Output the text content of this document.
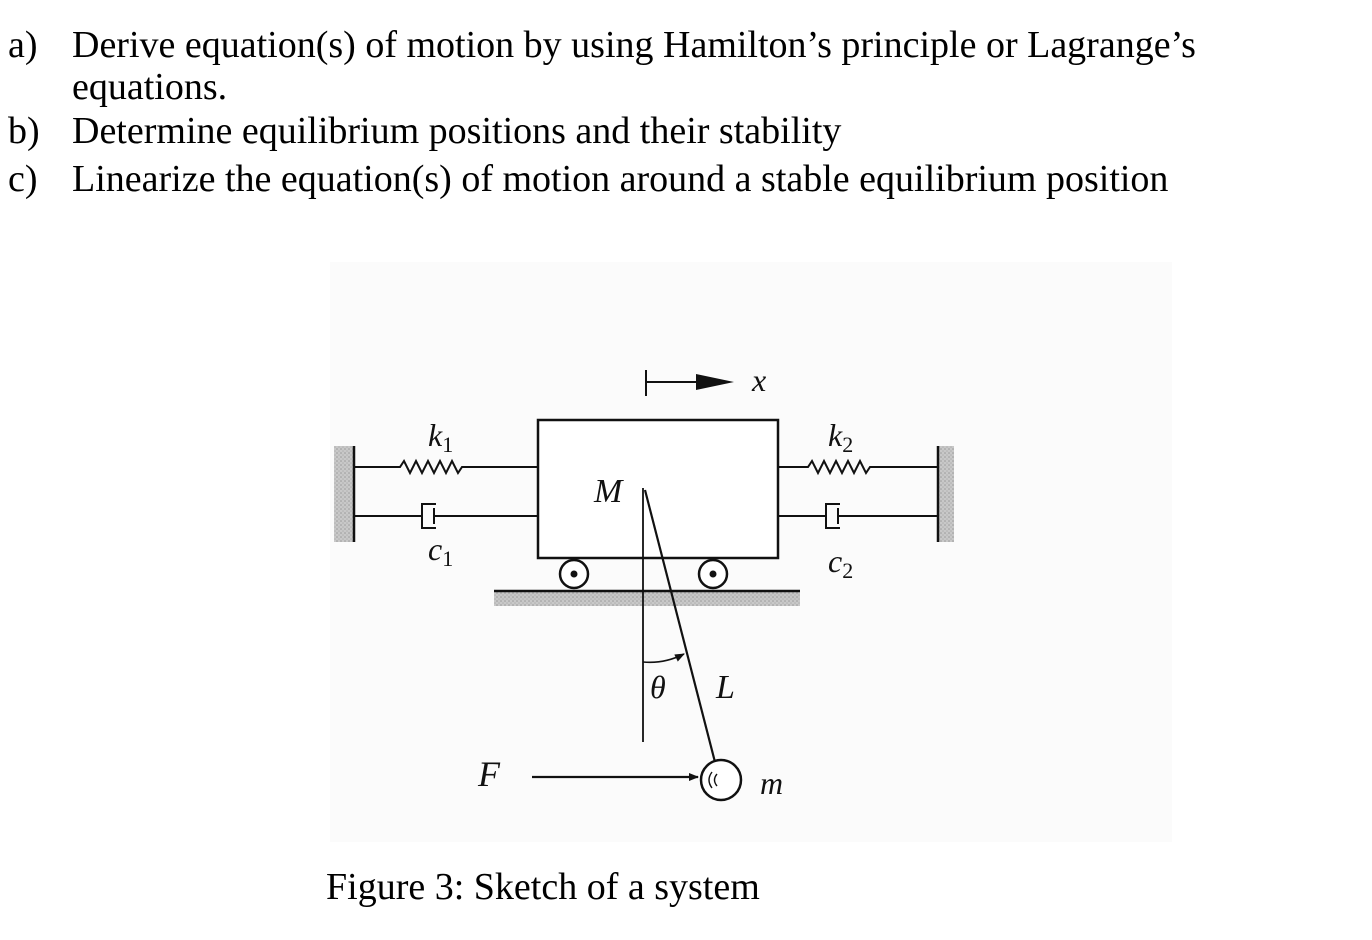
a) Derive equation(s) of motion by using Hamilton’s principle or Lagrange’s
equations.
b) Determine equilibrium positions and their stability
c) Linearize the equation(s) of motion around a stable equilibrium position
x
k1	k2
c1	c2
M
θ L
F	m
Figure 3: Sketch of a system
